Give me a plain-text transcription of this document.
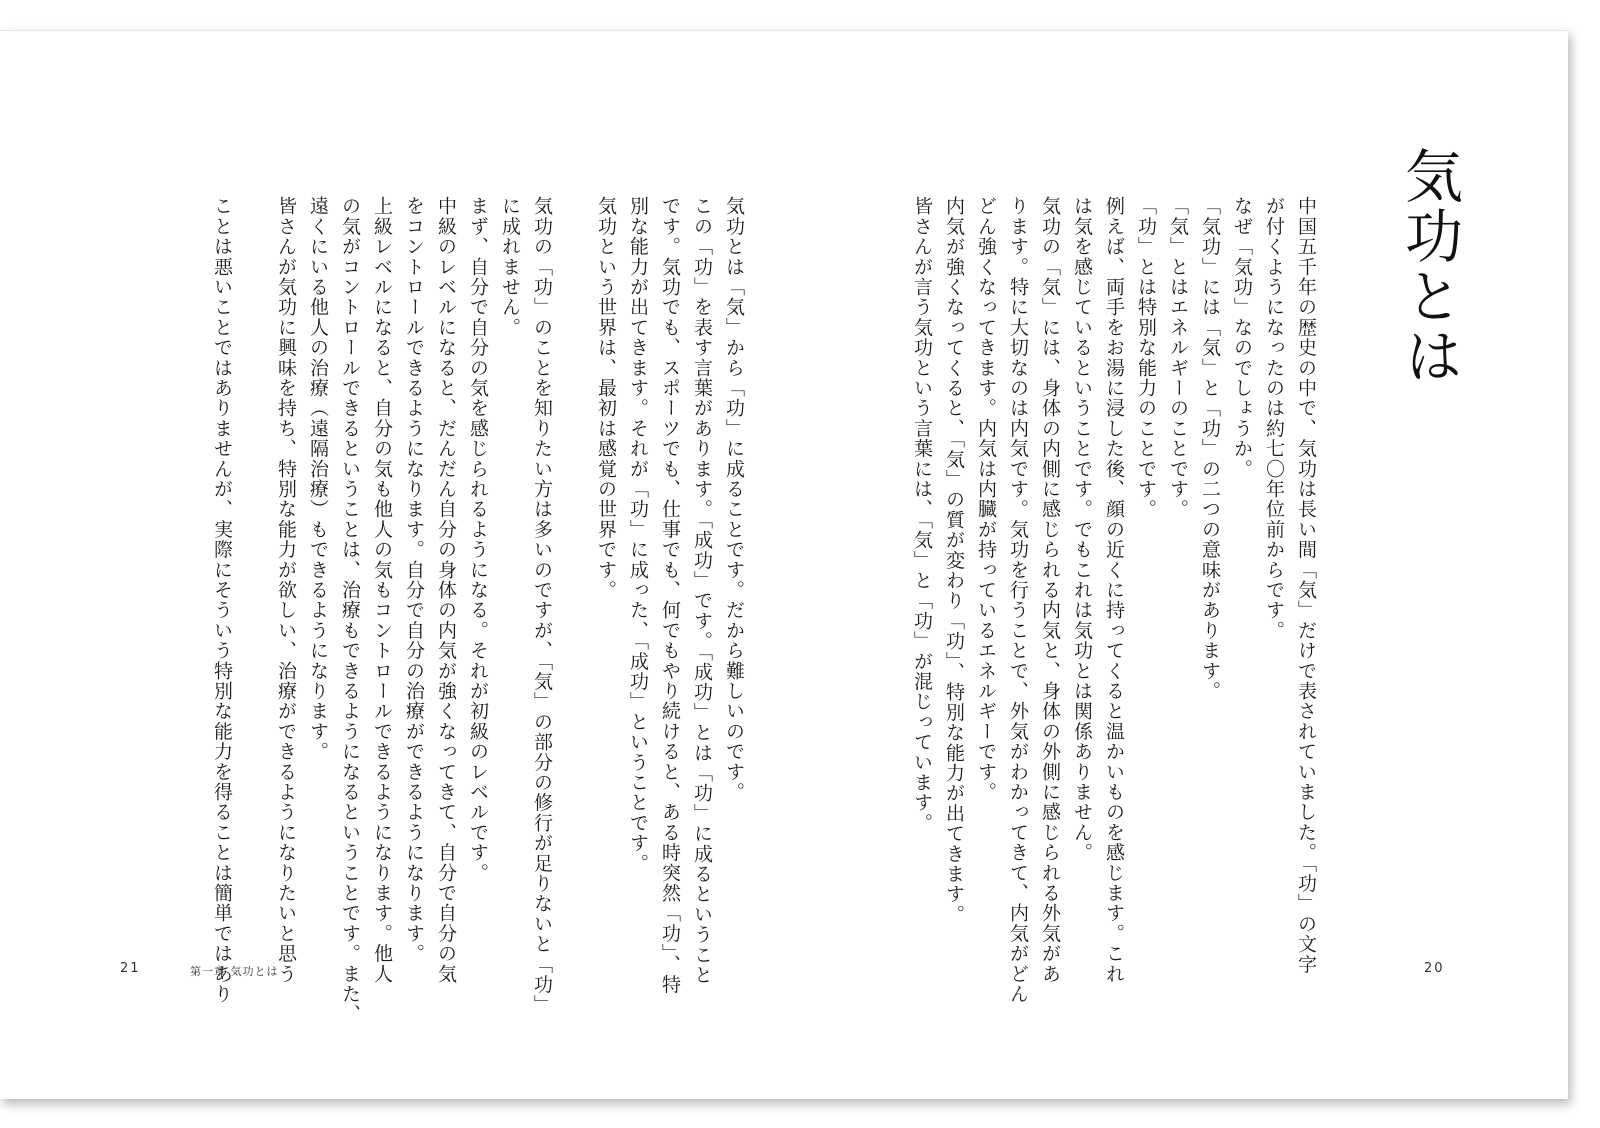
気功とは「気」から「功」に成ることです。だから難しいのです。

この「功」を表す言葉があります。「成功」です。「成功」とは「功」に成るということ

です。気功でも、スポーツでも、仕事でも、何でもやり続けると、ある時突然「功」、特

別な能力が出てきます。それが「功」に成った、「成功」ということです。

気功という世界は、最初は感覚の世界です。

気功の「功」のことを知りたい方は多いのですが、「気」の部分の修行が足りないと「功」

に成れません。

まず、自分で自分の気を感じられるようになる。それが初級のレベルです。

中級のレベルになると、だんだん自分の身体の内気が強くなってきて、自分で自分の気

をコントロールできるようになります。自分で自分の治療ができるようになります。

上級レベルになると、自分の気も他人の気もコントロールできるようになります。他人

の気がコントロールできるということは、治療もできるようになるということです。また、

遠くにいる他人の治療（遠隔治療）もできるようになります。

皆さんが気功に興味を持ち、特別な能力が欲しい、治療ができるようになりたいと思う

ことは悪いことではありませんが、実際にそういう特別な能力を得ることは簡単ではあり

21	第一章 気功とは
気功とは

中国五千年の歴史の中で、気功は長い間「気」だけで表されていました。「功」の文字

が付くようになったのは約七〇年位前からです。

なぜ「気功」なのでしょうか。

「気功」には「気」と「功」の二つの意味があります。

「気」とはエネルギーのことです。

「功」とは特別な能力のことです。

例えば、両手をお湯に浸した後、顔の近くに持ってくると温かいものを感じます。これ

は気を感じているということです。でもこれは気功とは関係ありません。

気功の「気」には、身体の内側に感じられる内気と、身体の外側に感じられる外気があ

ります。特に大切なのは内気です。気功を行うことで、外気がわかってきて、内気がどん

どん強くなってきます。内気は内臓が持っているエネルギーです。

内気が強くなってくると、「気」の質が変わり「功」、特別な能力が出てきます。

皆さんが言う気功という言葉には、「気」と「功」が混じっています。

20
